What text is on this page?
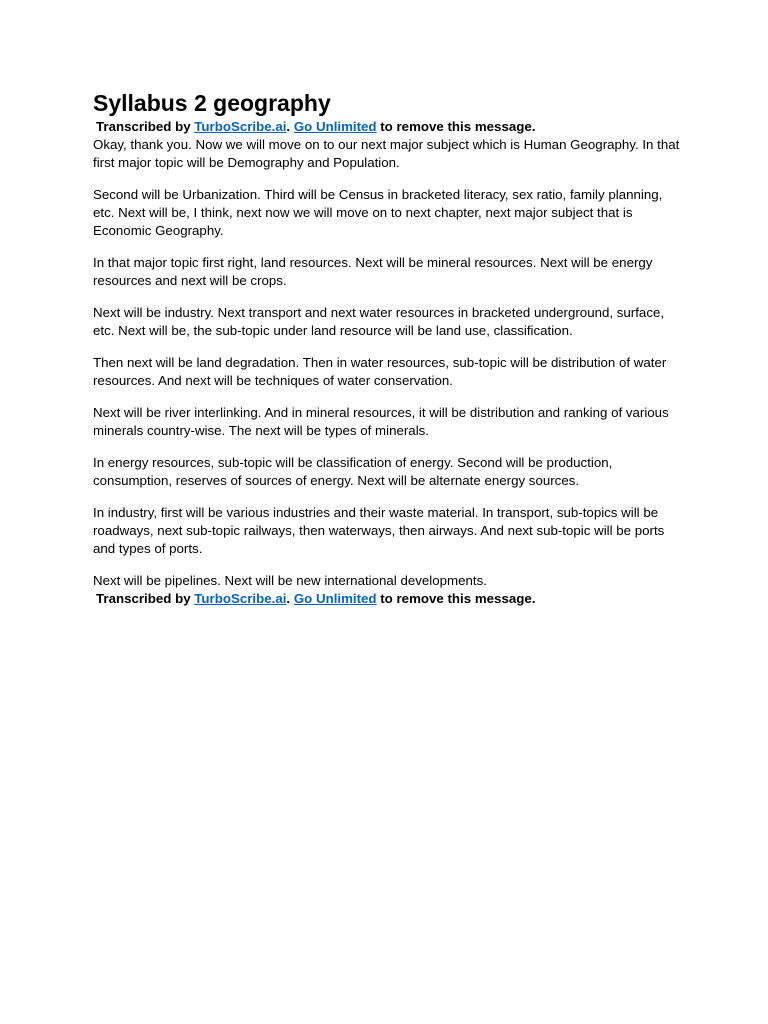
Syllabus 2 geography
Transcribed by TurboScribe.ai. Go Unlimited to remove this message.

Okay, thank you. Now we will move on to our next major subject which is Human Geography. In that first major topic will be Demography and Population.

Second will be Urbanization. Third will be Census in bracketed literacy, sex ratio, family planning, etc. Next will be, I think, next now we will move on to next chapter, next major subject that is Economic Geography.

In that major topic first right, land resources. Next will be mineral resources. Next will be energy resources and next will be crops.

Next will be industry. Next transport and next water resources in bracketed underground, surface, etc. Next will be, the sub-topic under land resource will be land use, classification.

Then next will be land degradation. Then in water resources, sub-topic will be distribution of water resources. And next will be techniques of water conservation.

Next will be river interlinking. And in mineral resources, it will be distribution and ranking of various minerals country-wise. The next will be types of minerals.

In energy resources, sub-topic will be classification of energy. Second will be production, consumption, reserves of sources of energy. Next will be alternate energy sources.

In industry, first will be various industries and their waste material. In transport, sub-topics will be roadways, next sub-topic railways, then waterways, then airways. And next sub-topic will be ports and types of ports.

Next will be pipelines. Next will be new international developments.

Transcribed by TurboScribe.ai. Go Unlimited to remove this message.
